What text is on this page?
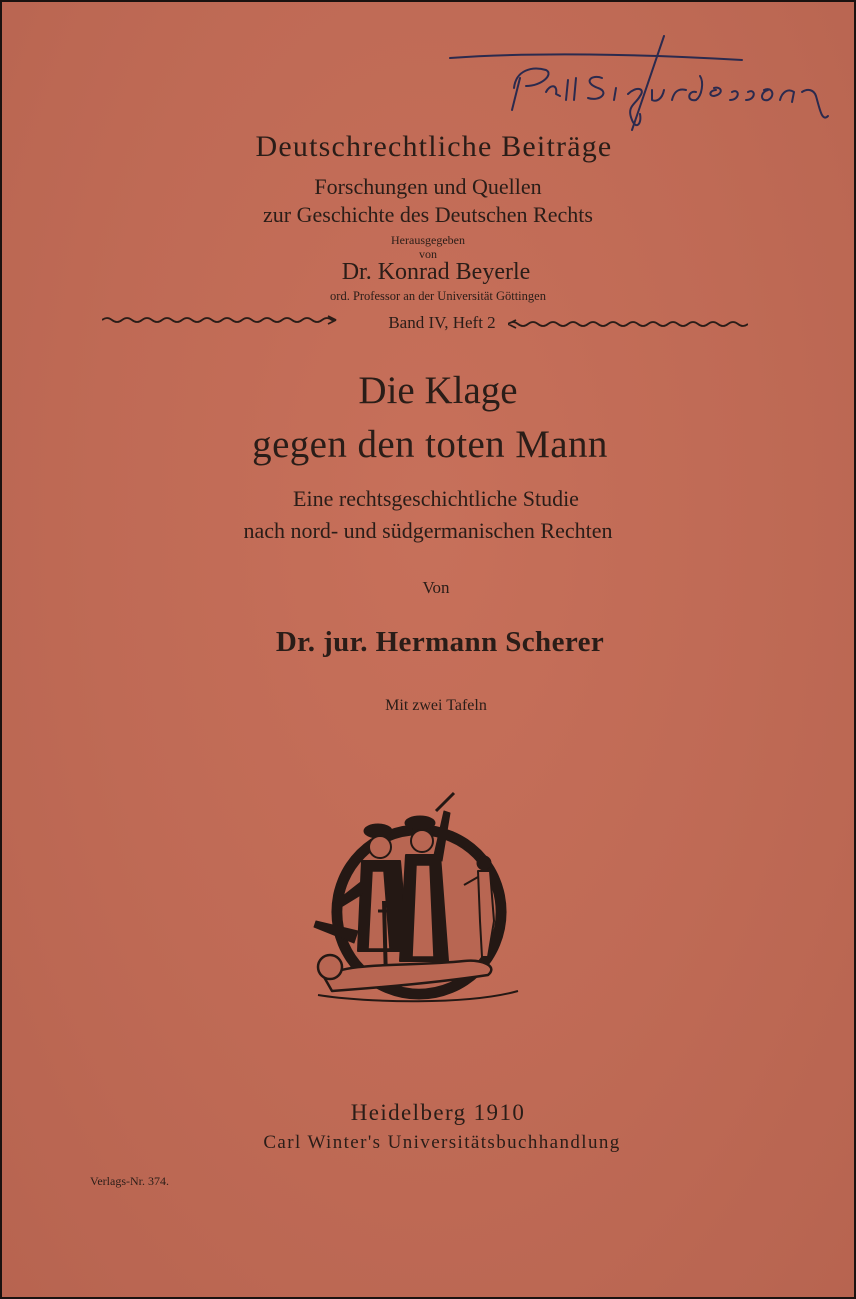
Deutschrechtliche Beiträge
Forschungen und Quellen
zur Geschichte des Deutschen Rechts
Herausgegeben
von
Dr. Konrad Beyerle
ord. Professor an der Universität Göttingen
Band IV, Heft 2
Die Klage
gegen den toten Mann
Eine rechtsgeschichtliche Studie
nach nord- und südgermanischen Rechten
Von
Dr. jur. Hermann Scherer
Mit zwei Tafeln
Heidelberg 1910
Carl Winter's Universitätsbuchhandlung
Verlags-Nr. 374.
